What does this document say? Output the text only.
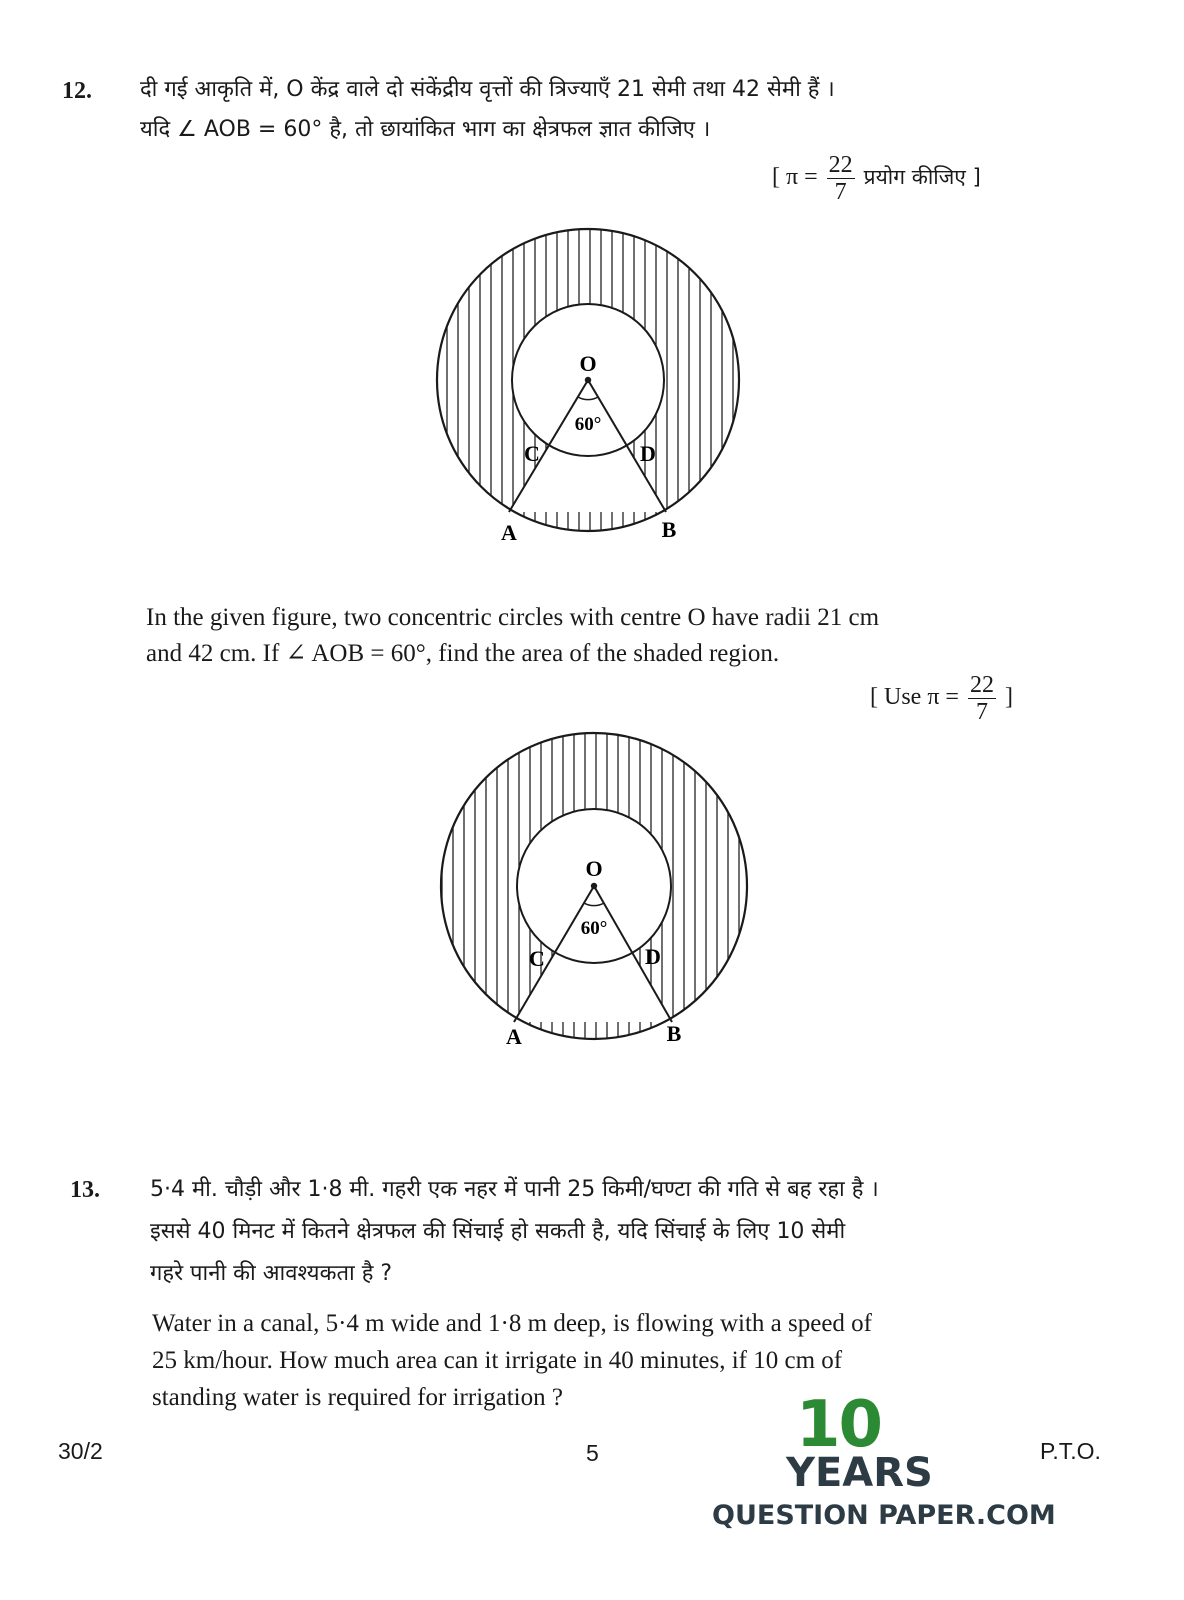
12. दी गई आकृति में, O केंद्र वाले दो संकेंद्रीय वृत्तों की त्रिज्याएँ 21 सेमी तथा 42 सेमी हैं ।
यदि ∠ AOB = 60° है, तो छायांकित भाग का क्षेत्रफल ज्ञात कीजिए ।
[ $\pi = \frac{22}{7}$ प्रयोग कीजिए ]
O
60°
C	D
A	B
In the given figure, two concentric circles with centre O have radii 21 cm
and 42 cm. If ∠ AOB = 60°, find the area of the shaded region.
[ Use $\pi = \frac{22}{7}$ ]
O
60°
C	D
A	B
13. 5·4 मी. चौड़ी और 1·8 मी. गहरी एक नहर में पानी 25 किमी/घण्टा की गति से बह रहा है ।
इससे 40 मिनट में कितने क्षेत्रफल की सिंचाई हो सकती है, यदि सिंचाई के लिए 10 सेमी
गहरे पानी की आवश्यकता है ?
Water in a canal, 5·4 m wide and 1·8 m deep, is flowing with a speed of
25 km/hour. How much area can it irrigate in 40 minutes, if 10 cm of
standing water is required for irrigation ?
30/2	5	P.T.O.
10
YEARS
QUESTION PAPER.COM
